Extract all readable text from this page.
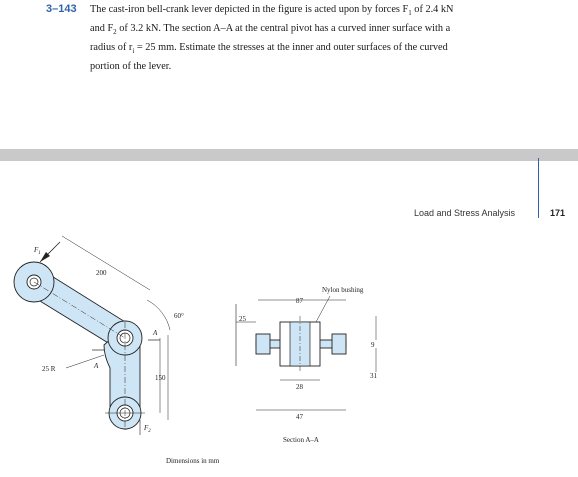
3–143 The cast-iron bell-crank lever depicted in the figure is acted upon by forces $F_1$ of 2.4 kN
and $F_2$ of 3.2 kN. The section A–A at the central pivot has a curved inner surface with a
radius of $r_i = 25$ mm. Estimate the stresses at the inner and outer surfaces of the curved
portion of the lever.
Load and Stress Analysis	171
$F_1$
200
60°
150
A
A
25 R
$F_2$
Dimensions in mm
87
25
Nylon bushing
9
31
28
47
Section A–A
